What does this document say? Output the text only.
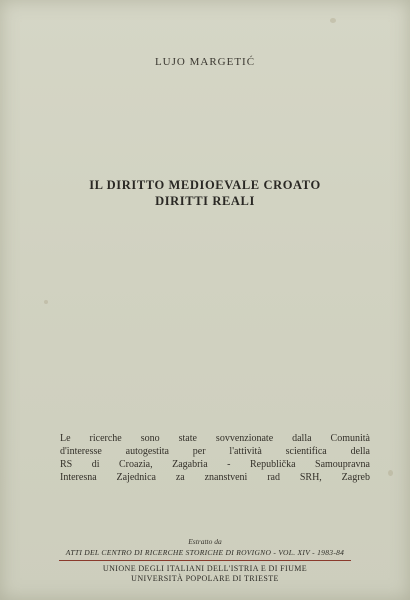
LUJO MARGETIĆ
IL DIRITTO MEDIOEVALE CROATO
DIRITTI REALI
Le ricerche sono state sovvenzionate dalla Comunità
d'interesse autogestita per l'attività scientifica della
RS di Croazia, Zagabria - Republička Samoupravna
Interesna Zajednica za znanstveni rad SRH, Zagreb
Estratto da
ATTI DEL CENTRO DI RICERCHE STORICHE DI ROVIGNO - VOL. XIV - 1983-84
UNIONE DEGLI ITALIANI DELL'ISTRIA E DI FIUME
UNIVERSITÀ POPOLARE DI TRIESTE
